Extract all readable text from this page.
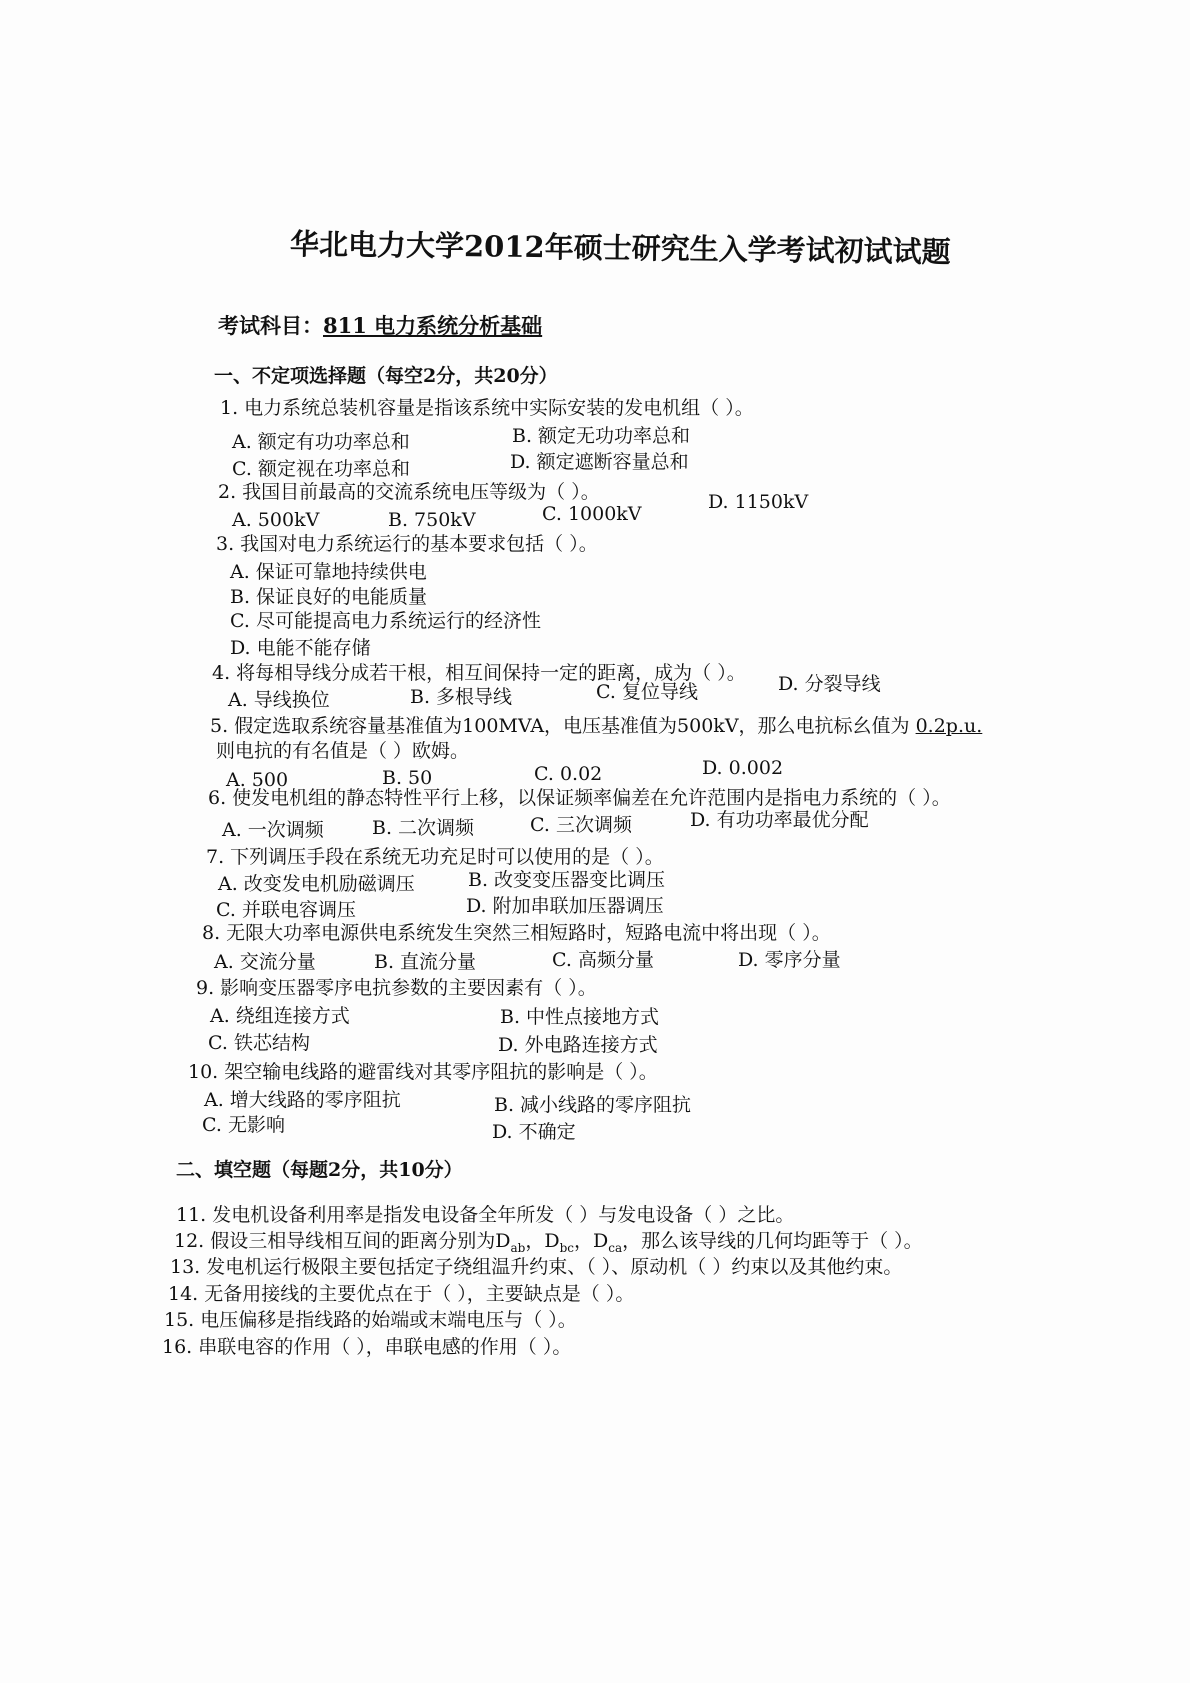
华北电力大学2012年硕士研究生入学考试初试试题
考试科目：811 电力系统分析基础
一、不定项选择题（每空2分，共20分）
1. 电力系统总装机容量是指该系统中实际安装的发电机组（ ）。
A. 额定有功功率总和	B. 额定无功功率总和
C. 额定视在功率总和	D. 额定遮断容量总和
2. 我国目前最高的交流系统电压等级为（ ）。
A. 500kV	B. 750kV	C. 1000kV
D. 1150kV
3. 我国对电力系统运行的基本要求包括（ ）。
A. 保证可靠地持续供电
B. 保证良好的电能质量
C. 尽可能提高电力系统运行的经济性
D. 电能不能存储
4. 将每相导线分成若干根，相互间保持一定的距离，成为（ ）。
A. 导线换位	B. 多根导线	C. 复位导线	D. 分裂导线
5. 假定选取系统容量基准值为100MVA，电压基准值为500kV，那么电抗标幺值为 0.2p.u.
则电抗的有名值是（ ）欧姆。
A. 500	B. 50	C. 0.02	D. 0.002
6. 使发电机组的静态特性平行上移，以保证频率偏差在允许范围内是指电力系统的（ ）。
A. 一次调频	B. 二次调频	C. 三次调频	D. 有功功率最优分配
7. 下列调压手段在系统无功充足时可以使用的是（ ）。
A. 改变发电机励磁调压	B. 改变变压器变比调压
C. 并联电容调压	D. 附加串联加压器调压
8. 无限大功率电源供电系统发生突然三相短路时，短路电流中将出现（ ）。
A. 交流分量	B. 直流分量	C. 高频分量	D. 零序分量
9. 影响变压器零序电抗参数的主要因素有（ ）。
A. 绕组连接方式	B. 中性点接地方式
C. 铁芯结构	D. 外电路连接方式
10. 架空输电线路的避雷线对其零序阻抗的影响是（ ）。
A. 增大线路的零序阻抗	B. 减小线路的零序阻抗
C. 无影响	D. 不确定
二、填空题（每题2分，共10分）
11. 发电机设备利用率是指发电设备全年所发（ ）与发电设备（ ）之比。
12. 假设三相导线相互间的距离分别为$D_{ab}$，$D_{bc}$，$D_{ca}$，那么该导线的几何均距等于（ ）。
13. 发电机运行极限主要包括定子绕组温升约束、（ ）、原动机（ ）约束以及其他约束。
14. 无备用接线的主要优点在于（ ），主要缺点是（ ）。
15. 电压偏移是指线路的始端或末端电压与（ ）。
16. 串联电容的作用（ ），串联电感的作用（ ）。
